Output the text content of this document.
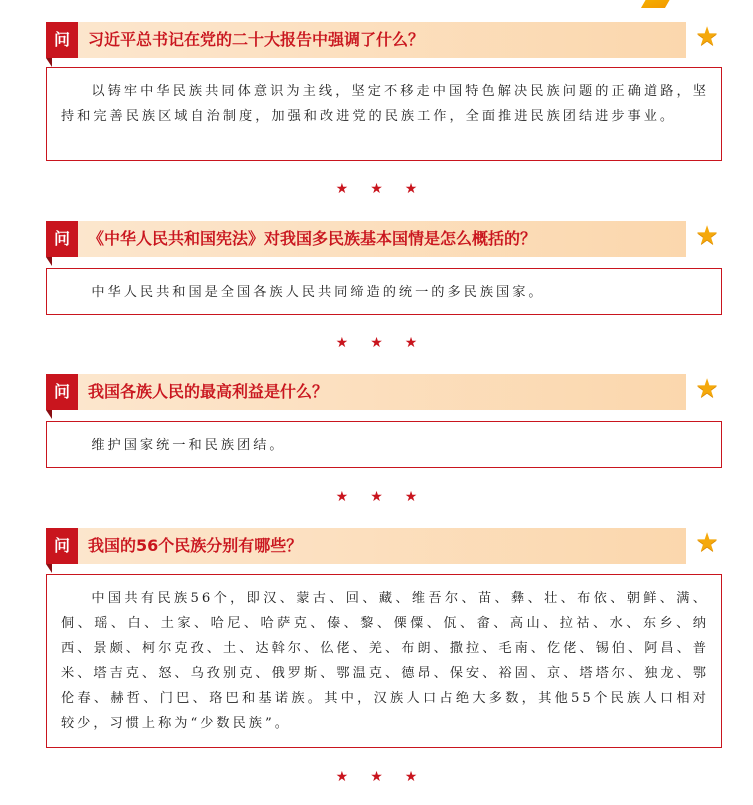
问	习近平总书记在党的二十大报告中强调了什么？	★

以铸牢中华民族共同体意识为主线，坚定不移走中国特色解决民族问题的正确道路，坚持和完善民族区域自治制度，加强和改进党的民族工作，全面推进民族团结进步事业。

★★★
问	《中华人民共和国宪法》对我国多民族基本国情是怎么概括的？	★

中华人民共和国是全国各族人民共同缔造的统一的多民族国家。

★★★
问	我国各族人民的最高利益是什么？	★

维护国家统一和民族团结。

★★★
问	我国的56个民族分别有哪些？	★

中国共有民族56个，即汉、蒙古、回、藏、维吾尔、苗、彝、壮、布依、朝鲜、满、侗、瑶、白、土家、哈尼、哈萨克、傣、黎、傈僳、佤、畲、高山、拉祜、水、东乡、纳西、景颇、柯尔克孜、土、达斡尔、仫佬、羌、布朗、撒拉、毛南、仡佬、锡伯、阿昌、普米、塔吉克、怒、乌孜别克、俄罗斯、鄂温克、德昂、保安、裕固、京、塔塔尔、独龙、鄂伦春、赫哲、门巴、珞巴和基诺族。其中，汉族人口占绝大多数，其他55个民族人口相对较少，习惯上称为“少数民族”。

★★★
